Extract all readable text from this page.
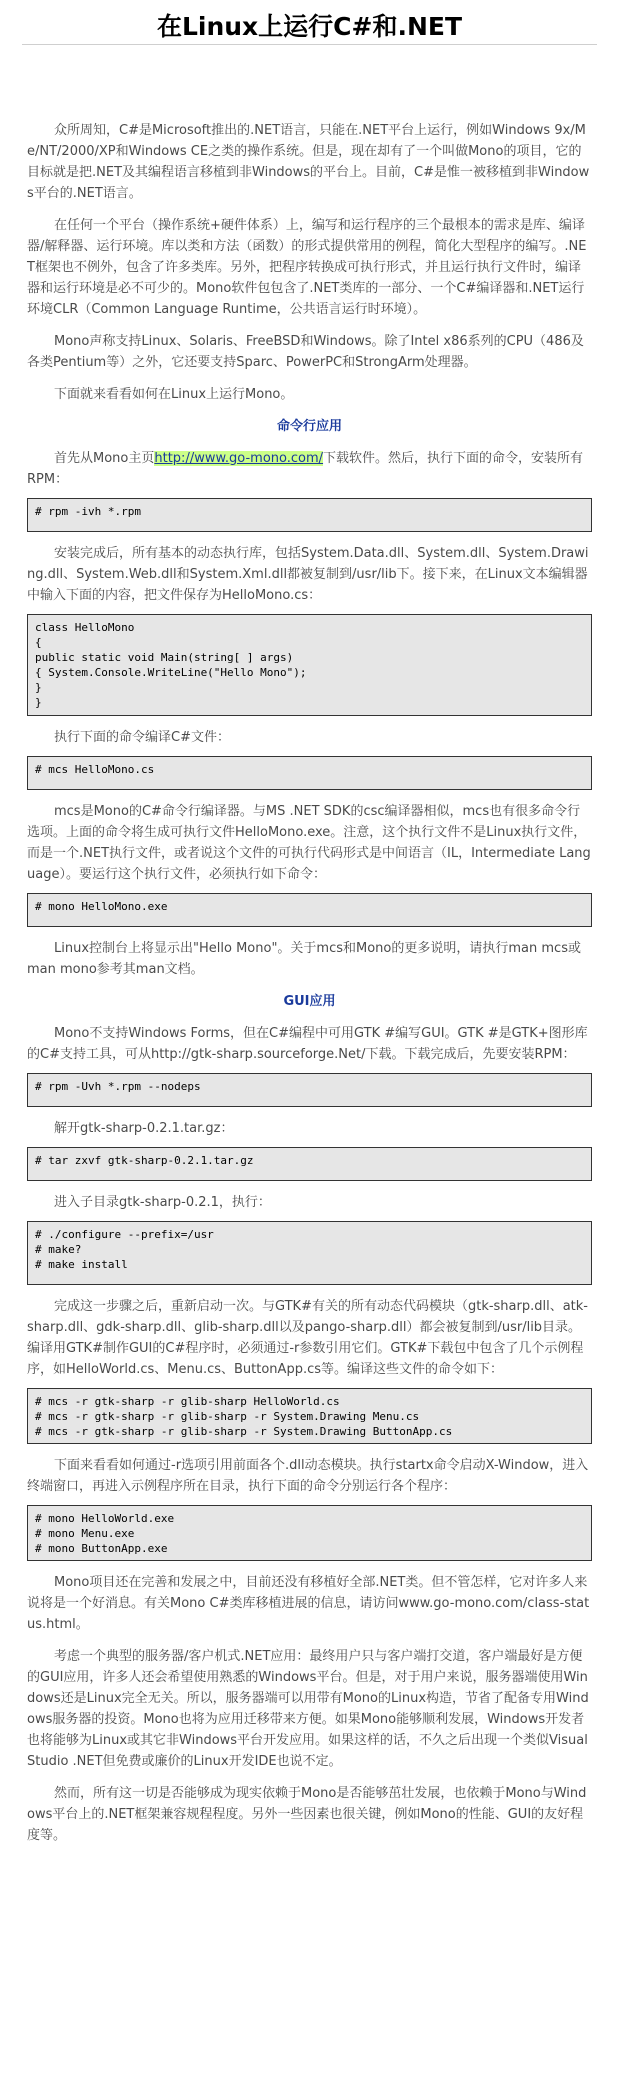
在Linux上运行C#和.NET

众所周知，C#是Microsoft推出的.NET语言，只能在.NET平台上运行，例如Windows 9x/Me/NT/2000/XP和Windows CE之类的操作系统。但是，现在却有了一个叫做Mono的项目，它的目标就是把.NET及其编程语言移植到非Windows的平台上。目前，C#是惟一被移植到非Windows平台的.NET语言。

在任何一个平台（操作系统+硬件体系）上，编写和运行程序的三个最根本的需求是库、编译器/解释器、运行环境。库以类和方法（函数）的形式提供常用的例程，简化大型程序的编写。.NET框架也不例外，包含了许多类库。另外，把程序转换成可执行形式，并且运行执行文件时，编译器和运行环境是必不可少的。Mono软件包包含了.NET类库的一部分、一个C#编译器和.NET运行环境CLR（Common Language Runtime，公共语言运行时环境）。

Mono声称支持Linux、Solaris、FreeBSD和Windows。除了Intel x86系列的CPU（486及各类Pentium等）之外，它还要支持Sparc、PowerPC和StrongArm处理器。

下面就来看看如何在Linux上运行Mono。

命令行应用

首先从Mono主页http://www.go-mono.com/下载软件。然后，执行下面的命令，安装所有RPM：

# rpm -ivh *.rpm

安装完成后，所有基本的动态执行库，包括System.Data.dll、System.dll、System.Drawing.dll、System.Web.dll和System.Xml.dll都被复制到/usr/lib下。接下来，在Linux文本编辑器中输入下面的内容，把文件保存为HelloMono.cs：

class HelloMono
{
public static void Main(string[ ] args)
{ System.Console.WriteLine("Hello Mono");
}
}

执行下面的命令编译C#文件：

# mcs HelloMono.cs

mcs是Mono的C#命令行编译器。与MS .NET SDK的csc编译器相似，mcs也有很多命令行选项。上面的命令将生成可执行文件HelloMono.exe。注意，这个执行文件不是Linux执行文件，而是一个.NET执行文件，或者说这个文件的可执行代码形式是中间语言（IL，Intermediate Language）。要运行这个执行文件，必须执行如下命令：

# mono HelloMono.exe

Linux控制台上将显示出"Hello Mono"。关于mcs和Mono的更多说明，请执行man mcs或man mono参考其man文档。

GUI应用

Mono不支持Windows Forms，但在C#编程中可用GTK #编写GUI。GTK #是GTK+图形库的C#支持工具，可从http://gtk-sharp.sourceforge.Net/下载。下载完成后，先要安装RPM：

# rpm -Uvh *.rpm --nodeps

解开gtk-sharp-0.2.1.tar.gz：

# tar zxvf gtk-sharp-0.2.1.tar.gz

进入子目录gtk-sharp-0.2.1，执行：

# ./configure --prefix=/usr
# make?
# make install

完成这一步骤之后，重新启动一次。与GTK#有关的所有动态代码模块（gtk-sharp.dll、atk-sharp.dll、gdk-sharp.dll、glib-sharp.dll以及pango-sharp.dll）都会被复制到/usr/lib目录。编译用GTK#制作GUI的C#程序时，必须通过-r参数引用它们。GTK#下载包中包含了几个示例程序，如HelloWorld.cs、Menu.cs、ButtonApp.cs等。编译这些文件的命令如下：

# mcs -r gtk-sharp -r glib-sharp HelloWorld.cs
# mcs -r gtk-sharp -r glib-sharp -r System.Drawing Menu.cs
# mcs -r gtk-sharp -r glib-sharp -r System.Drawing ButtonApp.cs

下面来看看如何通过-r选项引用前面各个.dll动态模块。执行startx命令启动X-Window，进入终端窗口，再进入示例程序所在目录，执行下面的命令分别运行各个程序：

# mono HelloWorld.exe
# mono Menu.exe
# mono ButtonApp.exe

Mono项目还在完善和发展之中，目前还没有移植好全部.NET类。但不管怎样，它对许多人来说将是一个好消息。有关Mono C#类库移植进展的信息，请访问www.go-mono.com/class-status.html。

考虑一个典型的服务器/客户机式.NET应用：最终用户只与客户端打交道，客户端最好是方便的GUI应用，许多人还会希望使用熟悉的Windows平台。但是，对于用户来说，服务器端使用Windows还是Linux完全无关。所以，服务器端可以用带有Mono的Linux构造，节省了配备专用Windows服务器的投资。Mono也将为应用迁移带来方便。如果Mono能够顺利发展，Windows开发者也将能够为Linux或其它非Windows平台开发应用。如果这样的话，不久之后出现一个类似Visual Studio .NET但免费或廉价的Linux开发IDE也说不定。

然而，所有这一切是否能够成为现实依赖于Mono是否能够茁壮发展，也依赖于Mono与Windows平台上的.NET框架兼容规程程度。另外一些因素也很关键，例如Mono的性能、GUI的友好程度等。
